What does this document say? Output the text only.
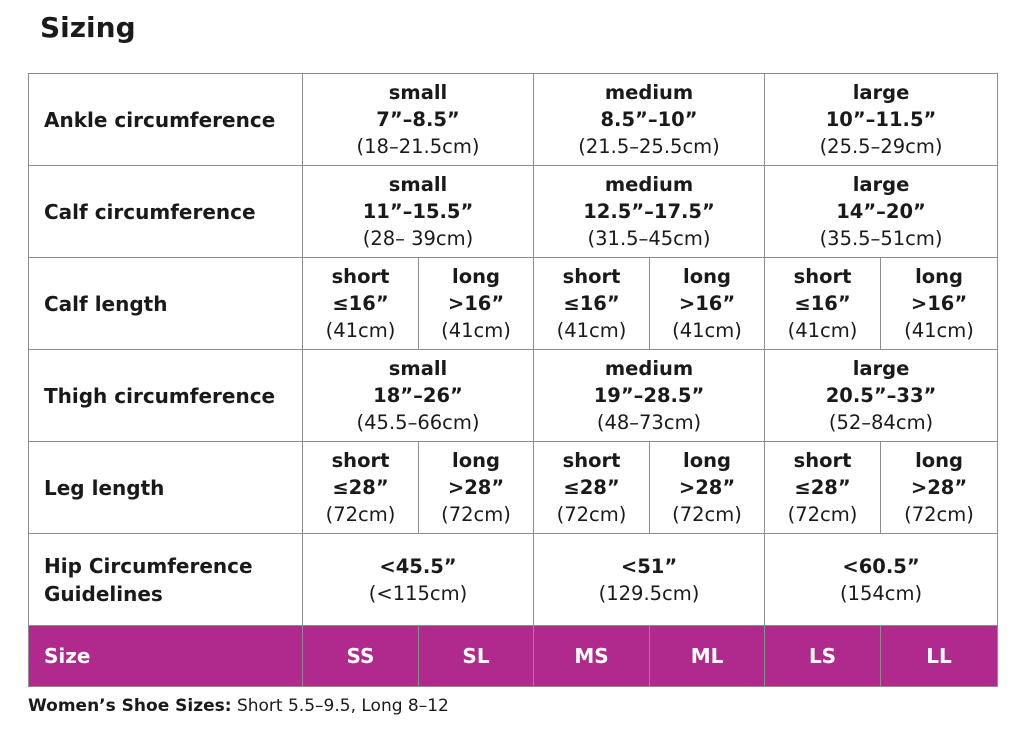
Sizing
Ankle circumference	small
7”–8.5”
(18–21.5cm)		medium
8.5”–10”
(21.5–25.5cm)		large
10”–11.5”
(25.5–29cm)	

Calf circumference	small
11”–15.5”
(28– 39cm)		medium
12.5”–17.5”
(31.5–45cm)		large
14”–20”
(35.5–51cm)	

Calf length	short
≤16”
(41cm)	long
>16”
(41cm)	short
≤16”
(41cm)	long
>16”
(41cm)	short
≤16”
(41cm)	long
>16”
(41cm)

Thigh circumference	small
18”–26”
(45.5–66cm)		medium
19”–28.5”
(48–73cm)		large
20.5”–33”
(52–84cm)	

Leg length	short
≤28”
(72cm)	long
>28”
(72cm)	short
≤28”
(72cm)	long
>28”
(72cm)	short
≤28”
(72cm)	long
>28”
(72cm)

Hip Circumference
Guidelines	<45.5”
(<115cm)		<51”
(129.5cm)		<60.5”
(154cm)	

Size	SS	SL	MS	ML	LS	LL
Women’s Shoe Sizes: Short 5.5–9.5, Long 8–12
